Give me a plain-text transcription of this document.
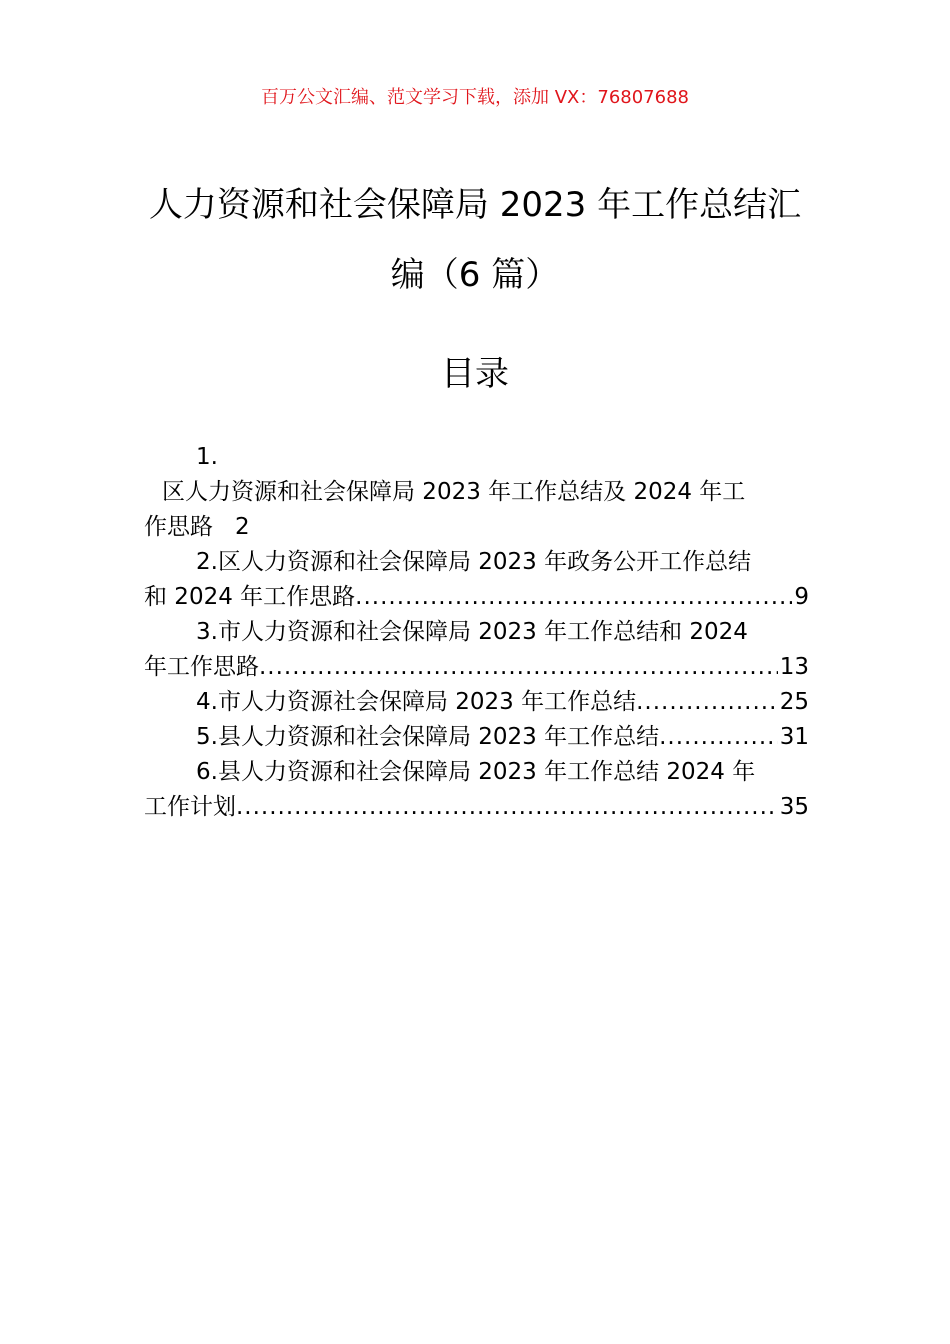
百万公文汇编、范文学习下载，添加 VX：76807688
人力资源和社会保障局 2023 年工作总结汇
编（6 篇）
目录
1.
区人力资源和社会保障局 2023 年工作总结及 2024 年工
作思路 2
2.区人力资源和社会保障局 2023 年政务公开工作总结
和 2024 年工作思路 .....	9
3.市人力资源和社会保障局 2023 年工作总结和 2024
年工作思路 .....	13
4.市人力资源社会保障局 2023 年工作总结 .....	25
5.县人力资源和社会保障局 2023 年工作总结 .....	31
6.县人力资源和社会保障局 2023 年工作总结 2024 年
工作计划 .....	35
